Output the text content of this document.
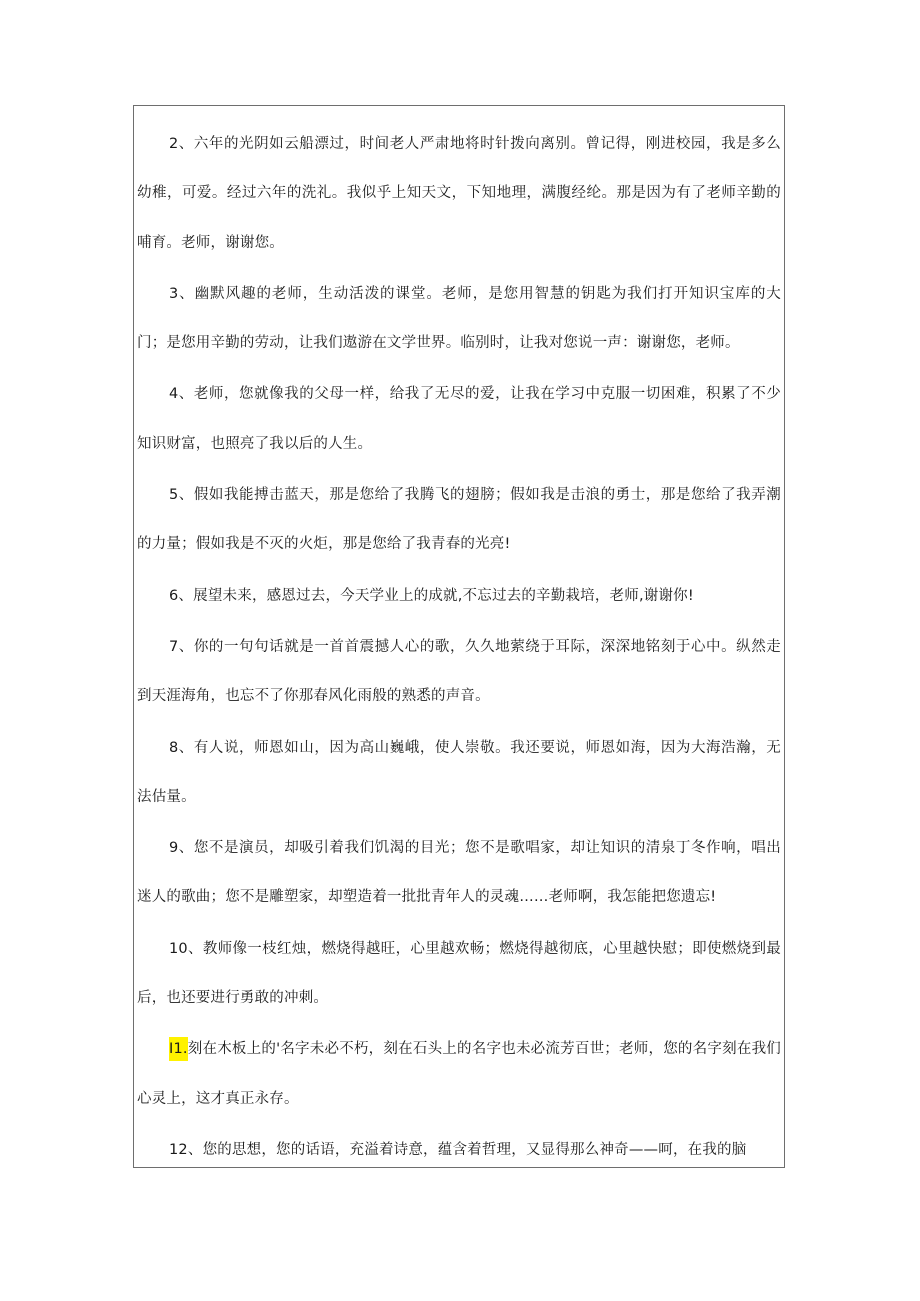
2、六年的光阴如云船漂过，时间老人严肃地将时针拨向离别。曾记得，刚进校园，我是多么幼稚，可爱。经过六年的洗礼。我似乎上知天文，下知地理，满腹经纶。那是因为有了老师辛勤的哺育。老师，谢谢您。

3、幽默风趣的老师，生动活泼的课堂。老师，是您用智慧的钥匙为我们打开知识宝库的大门；是您用辛勤的劳动，让我们遨游在文学世界。临别时，让我对您说一声：谢谢您，老师。

4、老师，您就像我的父母一样，给我了无尽的爱，让我在学习中克服一切困难，积累了不少知识财富，也照亮了我以后的人生。

5、假如我能搏击蓝天，那是您给了我腾飞的翅膀；假如我是击浪的勇士，那是您给了我弄潮的力量；假如我是不灭的火炬，那是您给了我青春的光亮!

6、展望未来，感恩过去，今天学业上的成就,不忘过去的辛勤栽培，老师,谢谢你!

7、你的一句句话就是一首首震撼人心的歌，久久地萦绕于耳际，深深地铭刻于心中。纵然走到天涯海角，也忘不了你那春风化雨般的熟悉的声音。

8、有人说，师恩如山，因为高山巍峨，使人崇敬。我还要说，师恩如海，因为大海浩瀚，无法估量。

9、您不是演员，却吸引着我们饥渴的目光；您不是歌唱家，却让知识的清泉丁冬作响，唱出迷人的歌曲；您不是雕塑家，却塑造着一批批青年人的灵魂……老师啊，我怎能把您遗忘!

10、教师像一枝红烛，燃烧得越旺，心里越欢畅；燃烧得越彻底，心里越快慰；即使燃烧到最后，也还要进行勇敢的冲刺。

I1.刻在木板上的'名字未必不朽，刻在石头上的名字也未必流芳百世；老师，您的名字刻在我们心灵上，这才真正永存。

12、您的思想，您的话语，充溢着诗意，蕴含着哲理，又显得那么神奇——呵，在我的脑
